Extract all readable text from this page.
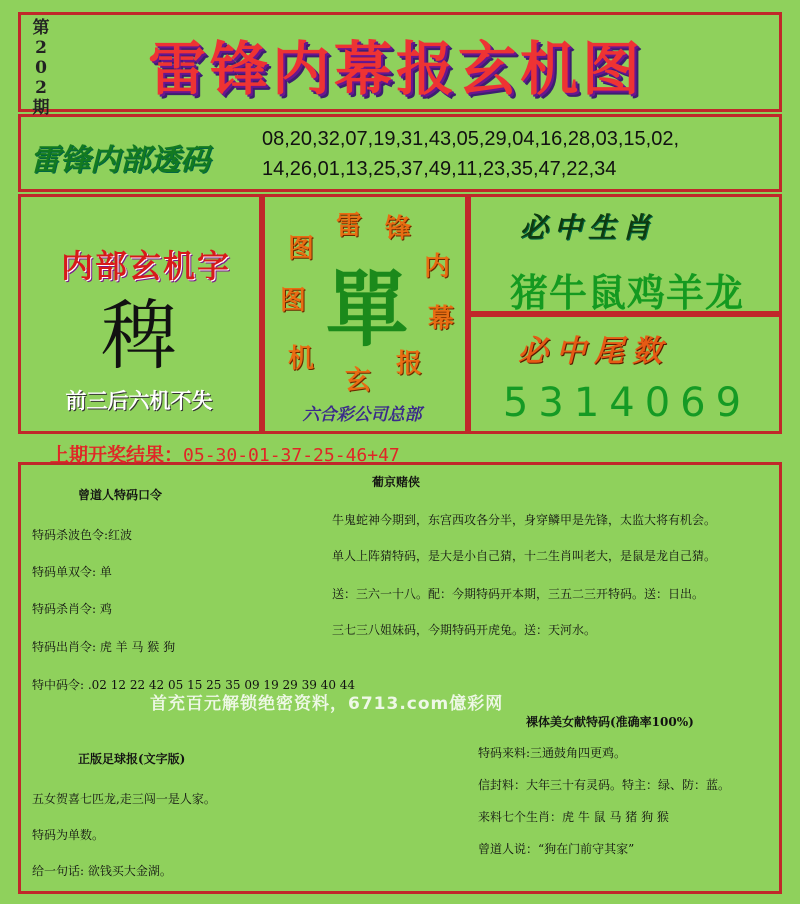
第
2
0
2
期
雷锋内幕报玄机图
雷锋内部透码
08,20,32,07,19,31,43,05,29,04,16,28,03,15,02,
14,26,01,13,25,37,49,11,23,35,47,22,34
内部玄机字
稗
前三后六机不失
雷 锋
内
幕
报
玄
机
图
图
單
六合彩公司总部
必中生肖
猪牛鼠鸡羊龙
必中尾数
5314069
上期开奖结果：05-30-01-37-25-46+47
曾道人特码口令
特码杀波色令:红波
特码单双令: 单
特码杀肖令: 鸡
特码出肖令: 虎 羊 马 猴 狗
特中码令: .02 12 22 42 05 15 25 35 09 19 29 39 40 44
正版足球报(文字版)
五女贺喜七匹龙,走三闯一是人家。
特码为单数。
给一句话: 欲钱买大金湖。
葡京赌侠
牛鬼蛇神今期到，东宫西攻各分半，身穿鳞甲是先锋，太监大将有机会。
单人上阵猜特码，是大是小自己猜，十二生肖叫老大，是鼠是龙自己猜。
送：三六一十八。配：今期特码开本期，三五二三开特码。送：日出。
三七三八姐妹码，今期特码开虎兔。送：天河水。
首充百元解锁绝密资料，6713.com億彩网
裸体美女献特码(准确率100%)
特码来料:三通鼓角四更鸡。
信封料：大年三十有灵码。特主：绿、防：蓝。
来料七个生肖：虎 牛 鼠 马 猪 狗 猴
曾道人说：“狗在门前守其家”
